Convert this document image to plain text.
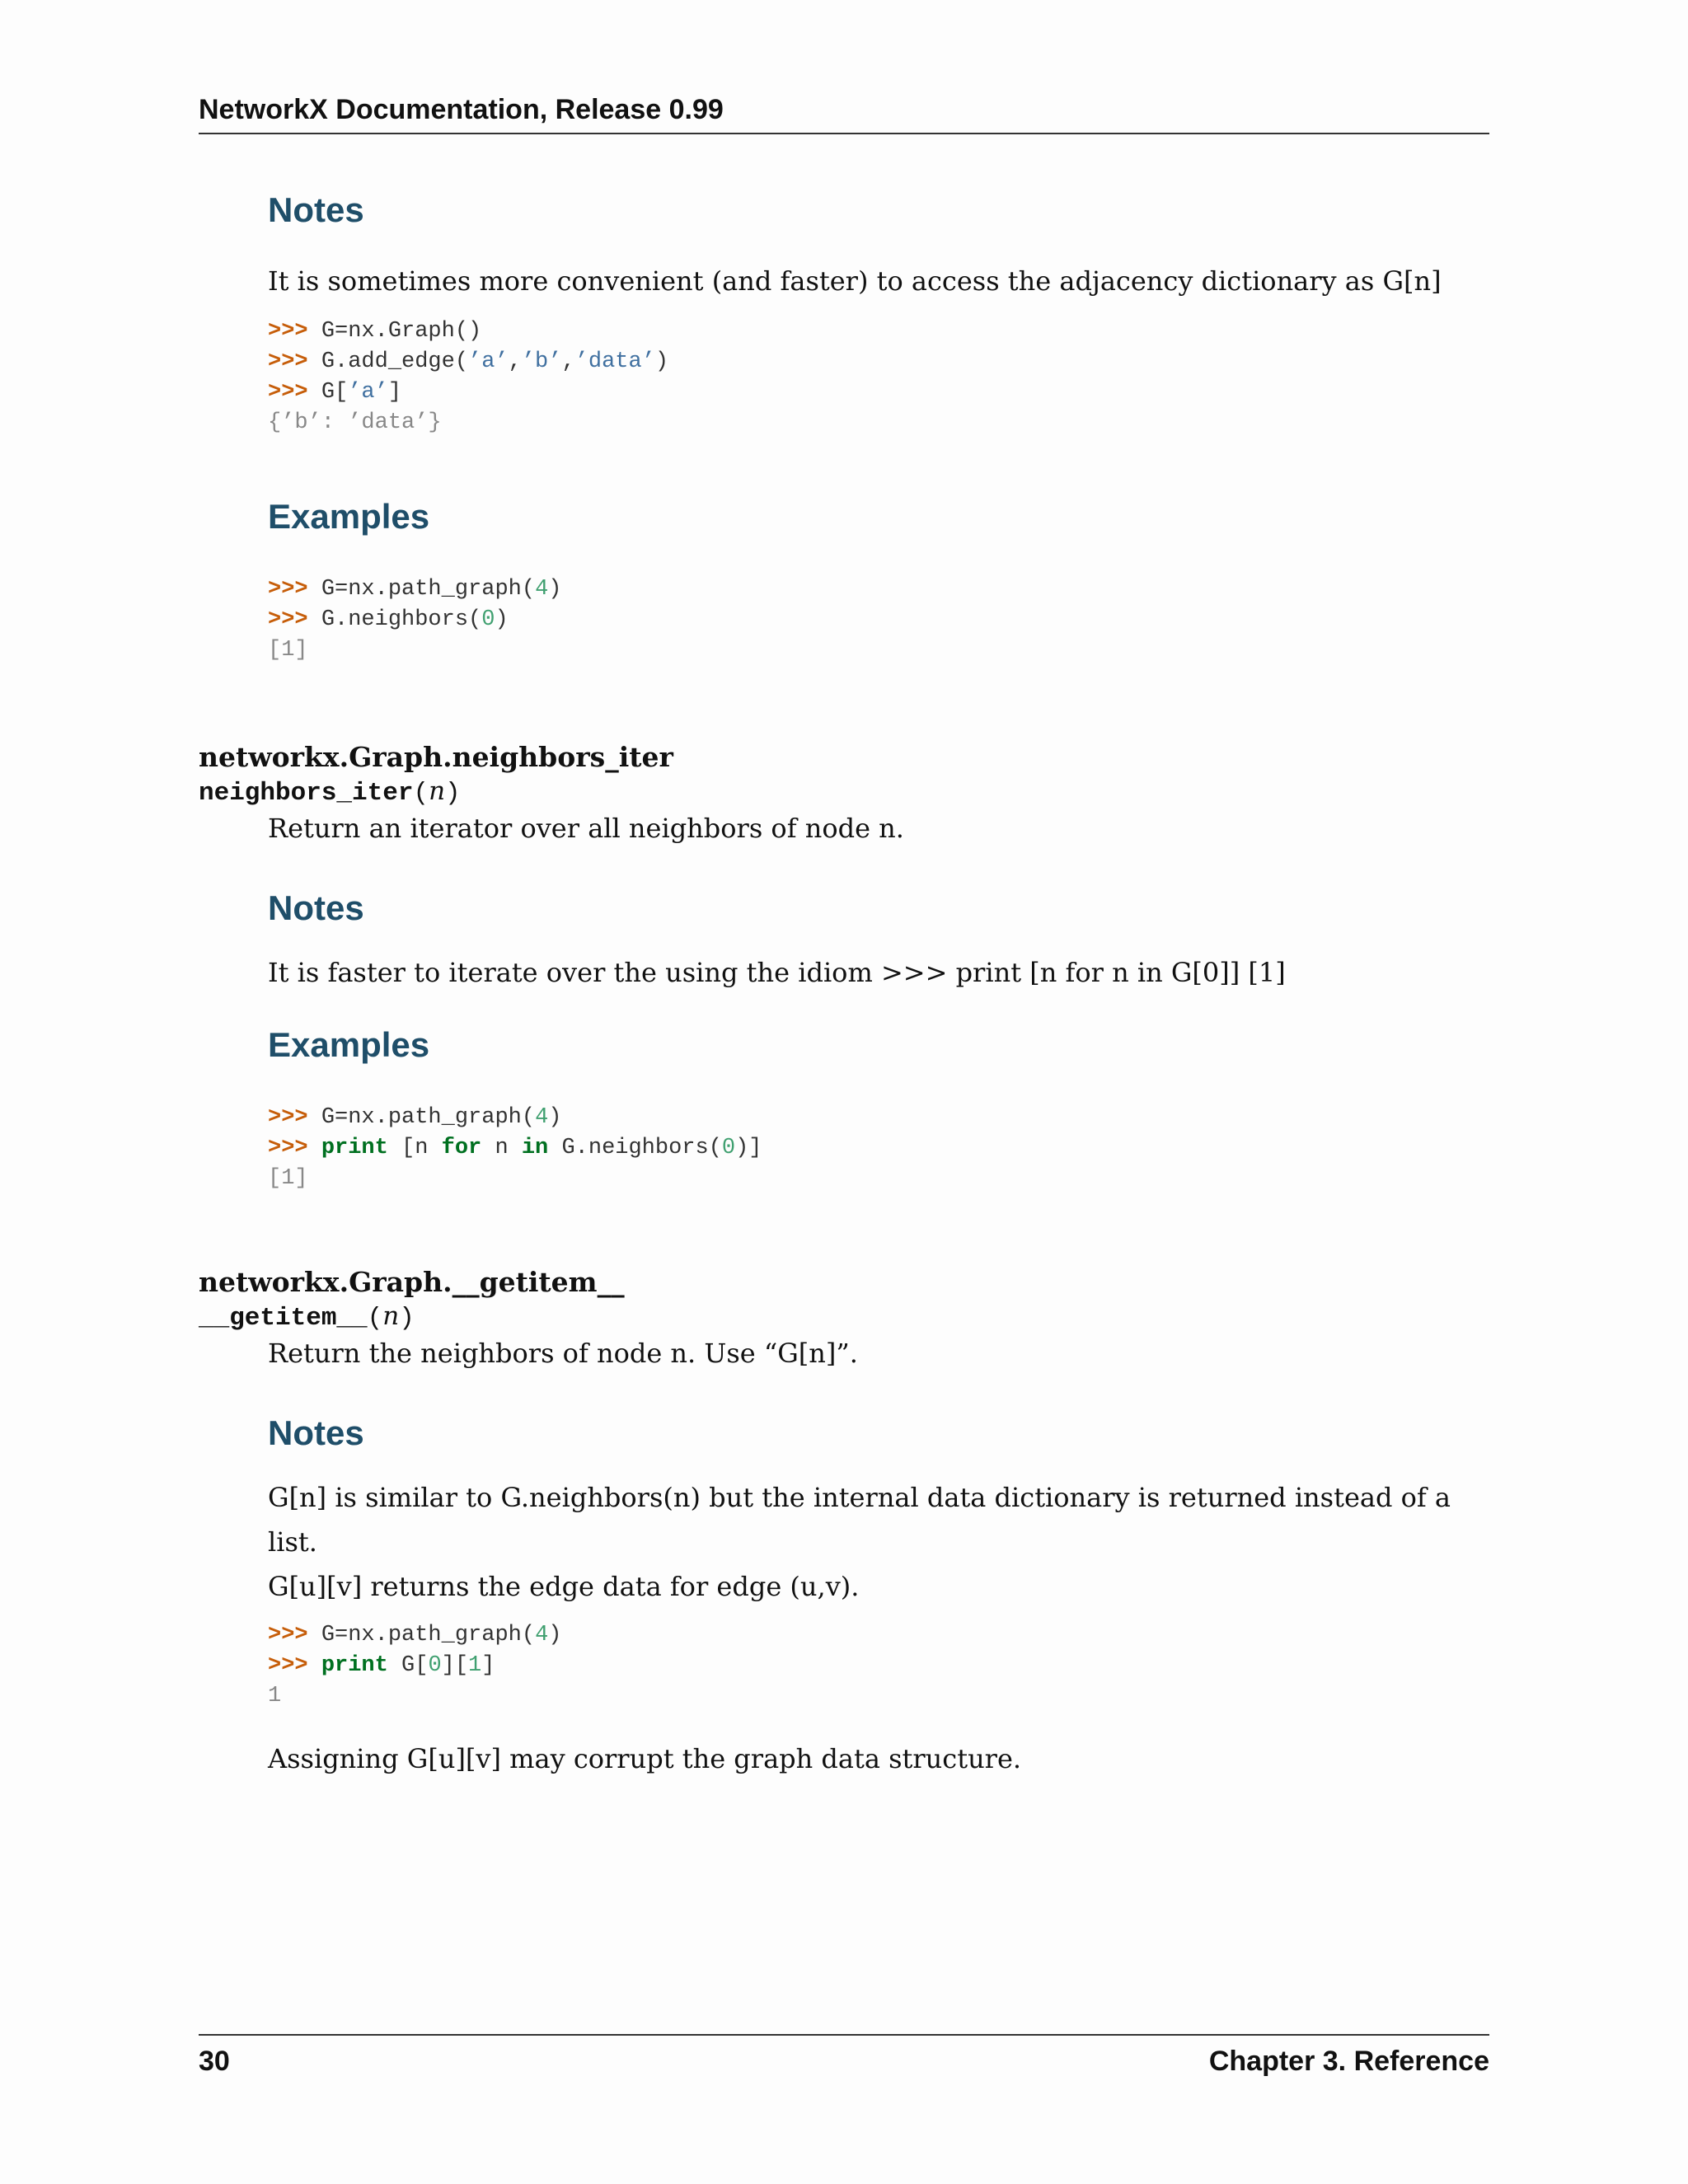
NetworkX Documentation, Release 0.99
Notes

It is sometimes more convenient (and faster) to access the adjacency dictionary as G[n]

>>> G=nx.Graph()
>>> G.add_edge(’a’,’b’,’data’)
>>> G[’a’]
{’b’: ’data’}
Examples
>>> G=nx.path_graph(4)
>>> G.neighbors(0)
[1]
networkx.Graph.neighbors_iter
neighbors_iter(n)
Return an iterator over all neighbors of node n.
Notes

It is faster to iterate over the using the idiom >>> print [n for n in G[0]] [1]

Examples
>>> G=nx.path_graph(4)
>>> print [n for n in G.neighbors(0)]
[1]
networkx.Graph.__getitem__
__getitem__(n)
Return the neighbors of node n. Use “G[n]”.
Notes

G[n] is similar to G.neighbors(n) but the internal data dictionary is returned instead of a list.

G[u][v] returns the edge data for edge (u,v).

>>> G=nx.path_graph(4)
>>> print G[0][1]
1

Assigning G[u][v] may corrupt the graph data structure.

30	Chapter 3. Reference
